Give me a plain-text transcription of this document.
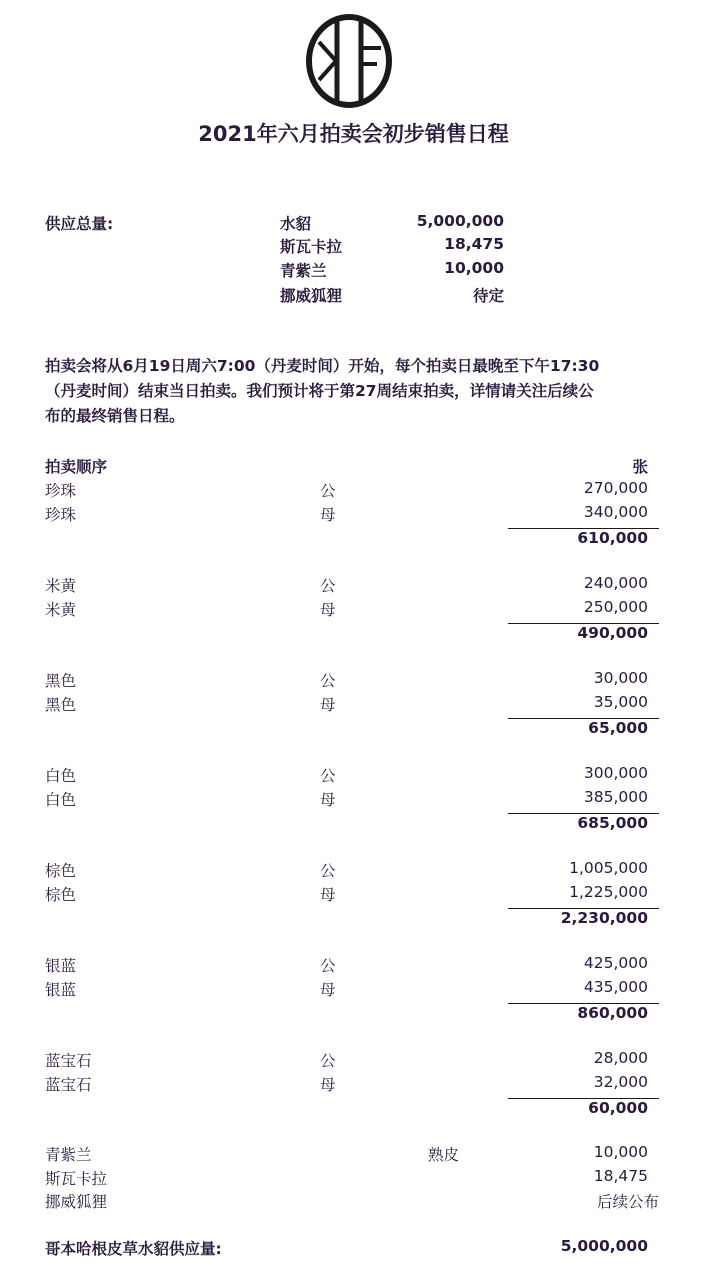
2021年六月拍卖会初步销售日程
供应总量:	水貂	5,000,000
斯瓦卡拉	18,475
青紫兰	10,000
挪威狐狸	待定
拍卖会将从6月19日周六7:00（丹麦时间）开始，每个拍卖日最晚至下午17:30
（丹麦时间）结束当日拍卖。我们预计将于第27周结束拍卖，详情请关注后续公
布的最终销售日程。
拍卖顺序	张
珍珠	公	270,000
珍珠	母	340,000
610,000
米黄	公	240,000
米黄	母	250,000
490,000
黑色	公	30,000
黑色	母	35,000
65,000
白色	公	300,000
白色	母	385,000
685,000
棕色	公	1,005,000
棕色	母	1,225,000
2,230,000
银蓝	公	425,000
银蓝	母	435,000
860,000
蓝宝石	公	28,000
蓝宝石	母	32,000
60,000
青紫兰	熟皮	10,000
斯瓦卡拉	18,475
挪威狐狸	后续公布
哥本哈根皮草水貂供应量:	5,000,000
